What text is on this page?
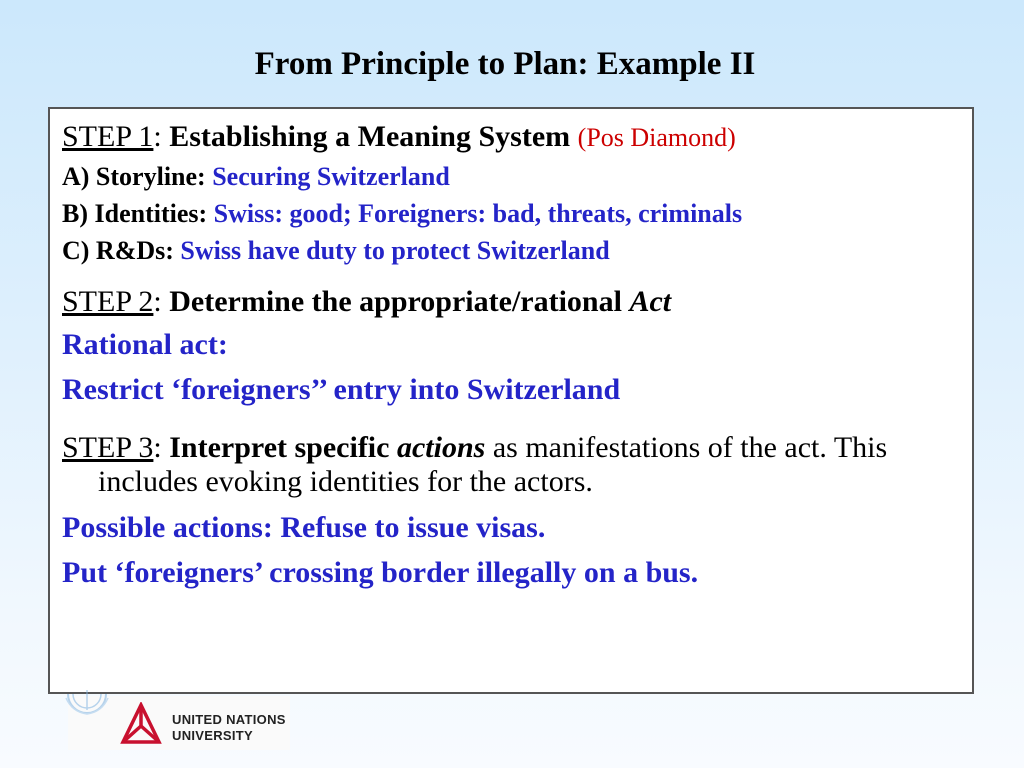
From Principle to Plan: Example II
STEP 1: Establishing a Meaning System (Pos Diamond)
A) Storyline: Securing Switzerland
B) Identities: Swiss: good; Foreigners: bad, threats, criminals
C) R&Ds: Swiss have duty to protect Switzerland
STEP 2: Determine the appropriate/rational Act
Rational act:
Restrict ‘foreigners’’ entry into Switzerland
STEP 3: Interpret specific actions as manifestations of the act. This includes evoking identities for the actors.
Possible actions: Refuse to issue visas.
Put ‘foreigners’ crossing border illegally on a bus.
UNITED NATIONS
UNIVERSITY
